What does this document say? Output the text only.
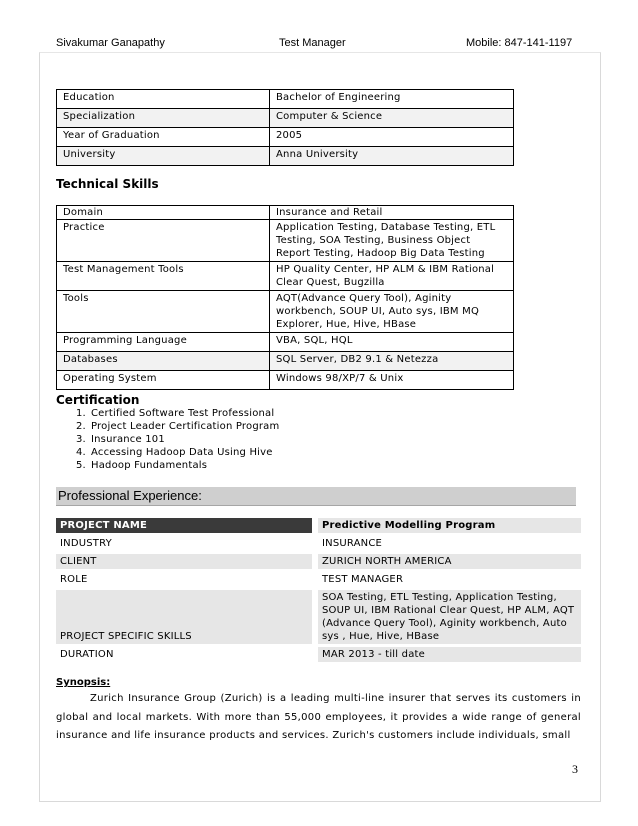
Sivakumar Ganapathy	Test Manager	Mobile: 847-141-1197
Education	Bachelor of Engineering
Specialization	Computer & Science
Year of Graduation	2005
University	Anna University
Technical Skills
Domain	Insurance and Retail
Practice	Application Testing, Database Testing, ETL Testing, SOA Testing, Business Object Report Testing, Hadoop Big Data Testing
Test Management Tools	HP Quality Center, HP ALM & IBM Rational Clear Quest, Bugzilla
Tools	AQT(Advance Query Tool), Aginity workbench, SOUP UI, Auto sys, IBM MQ Explorer, Hue, Hive, HBase
Programming Language	VBA, SQL, HQL
Databases	SQL Server, DB2 9.1 & Netezza
Operating System	Windows 98/XP/7 & Unix
Certification
1. Certified Software Test Professional
2. Project Leader Certification Program
3. Insurance 101
4. Accessing Hadoop Data Using Hive
5. Hadoop Fundamentals
Professional Experience:
PROJECT NAME		Predictive Modelling Program
INDUSTRY		INSURANCE
CLIENT		ZURICH NORTH AMERICA
ROLE		TEST MANAGER
PROJECT SPECIFIC SKILLS		SOA Testing, ETL Testing, Application Testing, SOUP UI, IBM Rational Clear Quest, HP ALM, AQT (Advance Query Tool), Aginity workbench, Auto sys , Hue, Hive, HBase
DURATION		MAR 2013 - till date
Synopsis:
Zurich Insurance Group (Zurich) is a leading multi-line insurer that serves its customers in global and local markets. With more than 55,000 employees, it provides a wide range of general insurance and life insurance products and services. Zurich's customers include individuals, small
3
